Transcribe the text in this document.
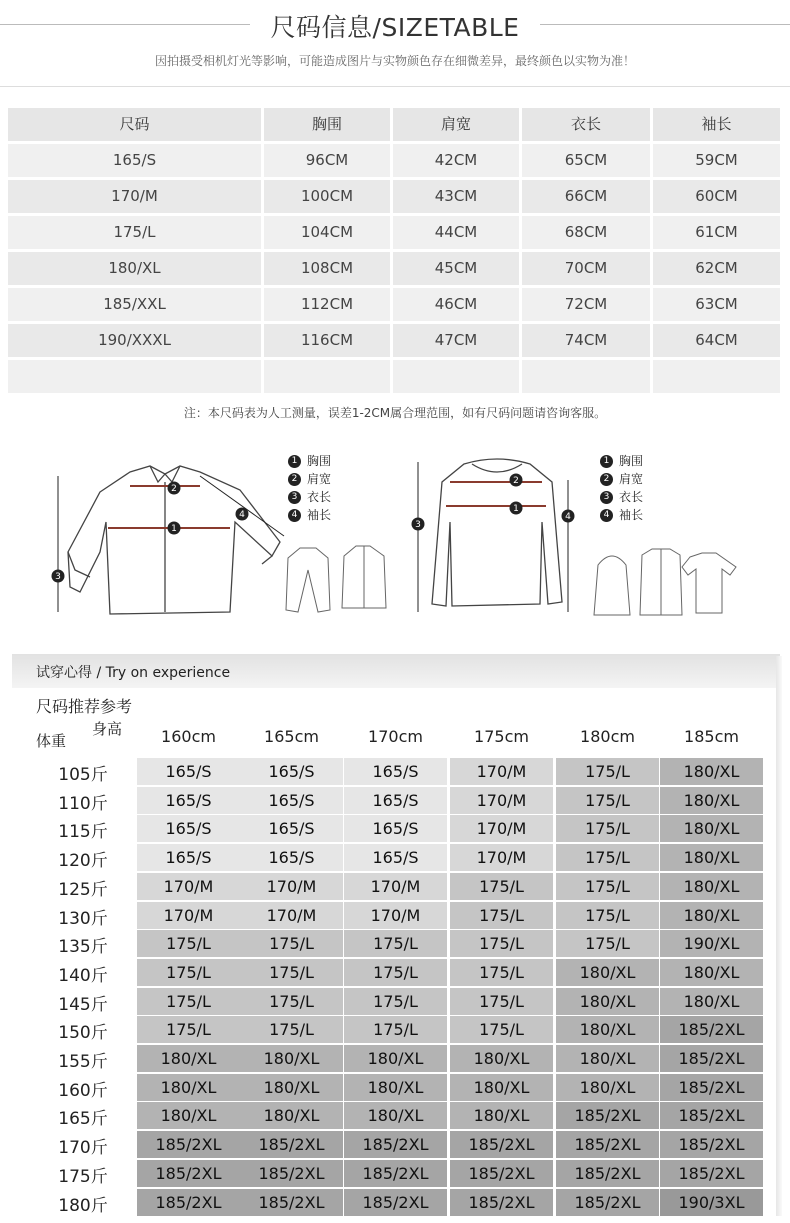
尺码信息/SIZETABLE
因拍摄受相机灯光等影响，可能造成图片与实物颜色存在细微差异，最终颜色以实物为准！
尺码	胸围	肩宽	衣长	袖长
165/S	96CM	42CM	65CM	59CM
170/M	100CM	43CM	66CM	60CM
175/L	104CM	44CM	68CM	61CM
180/XL	108CM	45CM	70CM	62CM
185/XXL	112CM	46CM	72CM	63CM
190/XXXL	116CM	47CM	74CM	64CM
注：本尺码表为人工测量，误差1-2CM属合理范围，如有尺码问题请咨询客服。
1
2
3
4
1 胸围
2 肩宽
3 衣长
4 袖长	1
2
3
4
1 胸围
2 肩宽
3 衣长
4 袖长
试穿心得 / Try on experience
尺码推荐参考
身高
体重	160cm	165cm	170cm	175cm	180cm	185cm
105斤	165/S	165/S	165/S	170/M	175/L	180/XL
110斤	165/S	165/S	165/S	170/M	175/L	180/XL
115斤	165/S	165/S	165/S	170/M	175/L	180/XL
120斤	165/S	165/S	165/S	170/M	175/L	180/XL
125斤	170/M	170/M	170/M	175/L	175/L	180/XL
130斤	170/M	170/M	170/M	175/L	175/L	180/XL
135斤	175/L	175/L	175/L	175/L	175/L	190/XL
140斤	175/L	175/L	175/L	175/L	180/XL	180/XL
145斤	175/L	175/L	175/L	175/L	180/XL	180/XL
150斤	175/L	175/L	175/L	175/L	180/XL	185/2XL
155斤	180/XL	180/XL	180/XL	180/XL	180/XL	185/2XL
160斤	180/XL	180/XL	180/XL	180/XL	180/XL	185/2XL
165斤	180/XL	180/XL	180/XL	180/XL	185/2XL	185/2XL
170斤	185/2XL	185/2XL	185/2XL	185/2XL	185/2XL	185/2XL
175斤	185/2XL	185/2XL	185/2XL	185/2XL	185/2XL	185/2XL
180斤	185/2XL	185/2XL	185/2XL	185/2XL	185/2XL	190/3XL
